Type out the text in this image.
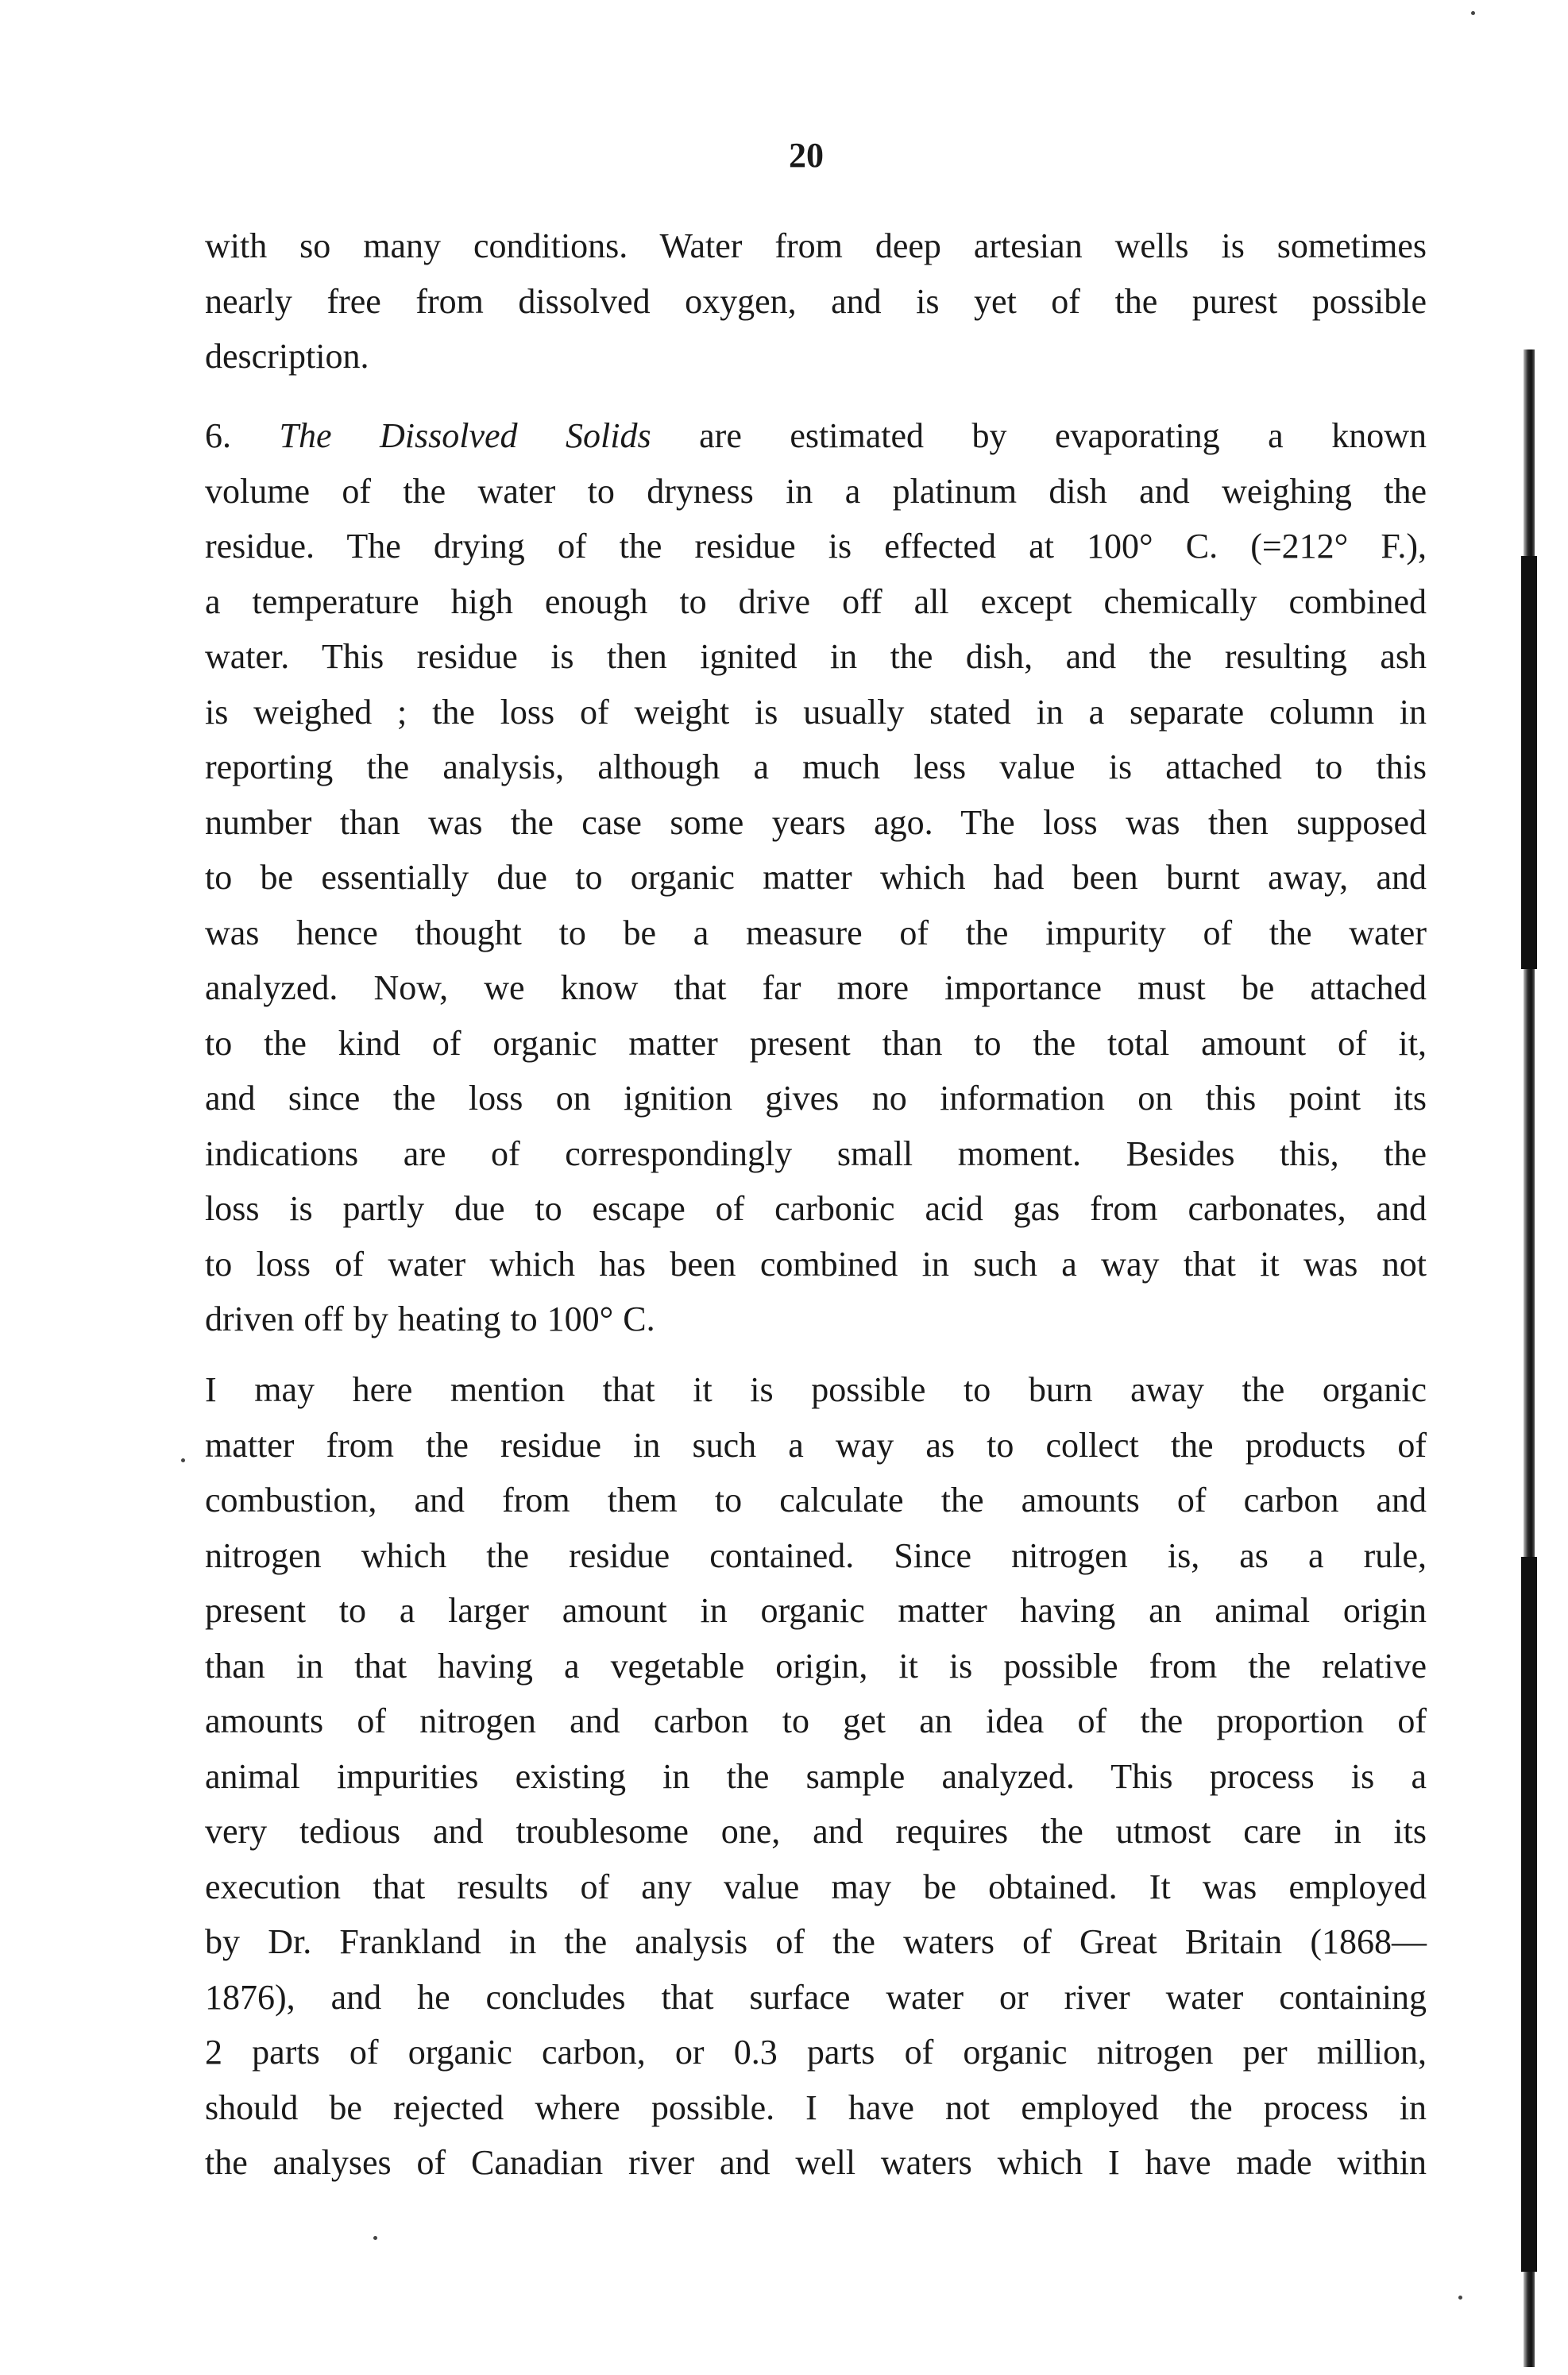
20
with so many conditions. Water from deep artesian wells is sometimes
nearly free from dissolved oxygen, and is yet of the purest possible
description.
6. The Dissolved Solids are estimated by evaporating a known
volume of the water to dryness in a platinum dish and weighing the
residue. The drying of the residue is effected at 100° C. (=212° F.),
a temperature high enough to drive off all except chemically combined
water. This residue is then ignited in the dish, and the resulting ash
is weighed ; the loss of weight is usually stated in a separate column in
reporting the analysis, although a much less value is attached to this
number than was the case some years ago. The loss was then supposed
to be essentially due to organic matter which had been burnt away, and
was hence thought to be a measure of the impurity of the water
analyzed. Now, we know that far more importance must be attached
to the kind of organic matter present than to the total amount of it,
and since the loss on ignition gives no information on this point its
indications are of correspondingly small moment. Besides this, the
loss is partly due to escape of carbonic acid gas from carbonates, and
to loss of water which has been combined in such a way that it was not
driven off by heating to 100° C.
I may here mention that it is possible to burn away the organic
matter from the residue in such a way as to collect the products of
combustion, and from them to calculate the amounts of carbon and
nitrogen which the residue contained. Since nitrogen is, as a rule,
present to a larger amount in organic matter having an animal origin
than in that having a vegetable origin, it is possible from the relative
amounts of nitrogen and carbon to get an idea of the proportion of
animal impurities existing in the sample analyzed. This process is a
very tedious and troublesome one, and requires the utmost care in its
execution that results of any value may be obtained. It was employed
by Dr. Frankland in the analysis of the waters of Great Britain (1868—
1876), and he concludes that surface water or river water containing
2 parts of organic carbon, or 0.3 parts of organic nitrogen per million,
should be rejected where possible. I have not employed the process in
the analyses of Canadian river and well waters which I have made within
